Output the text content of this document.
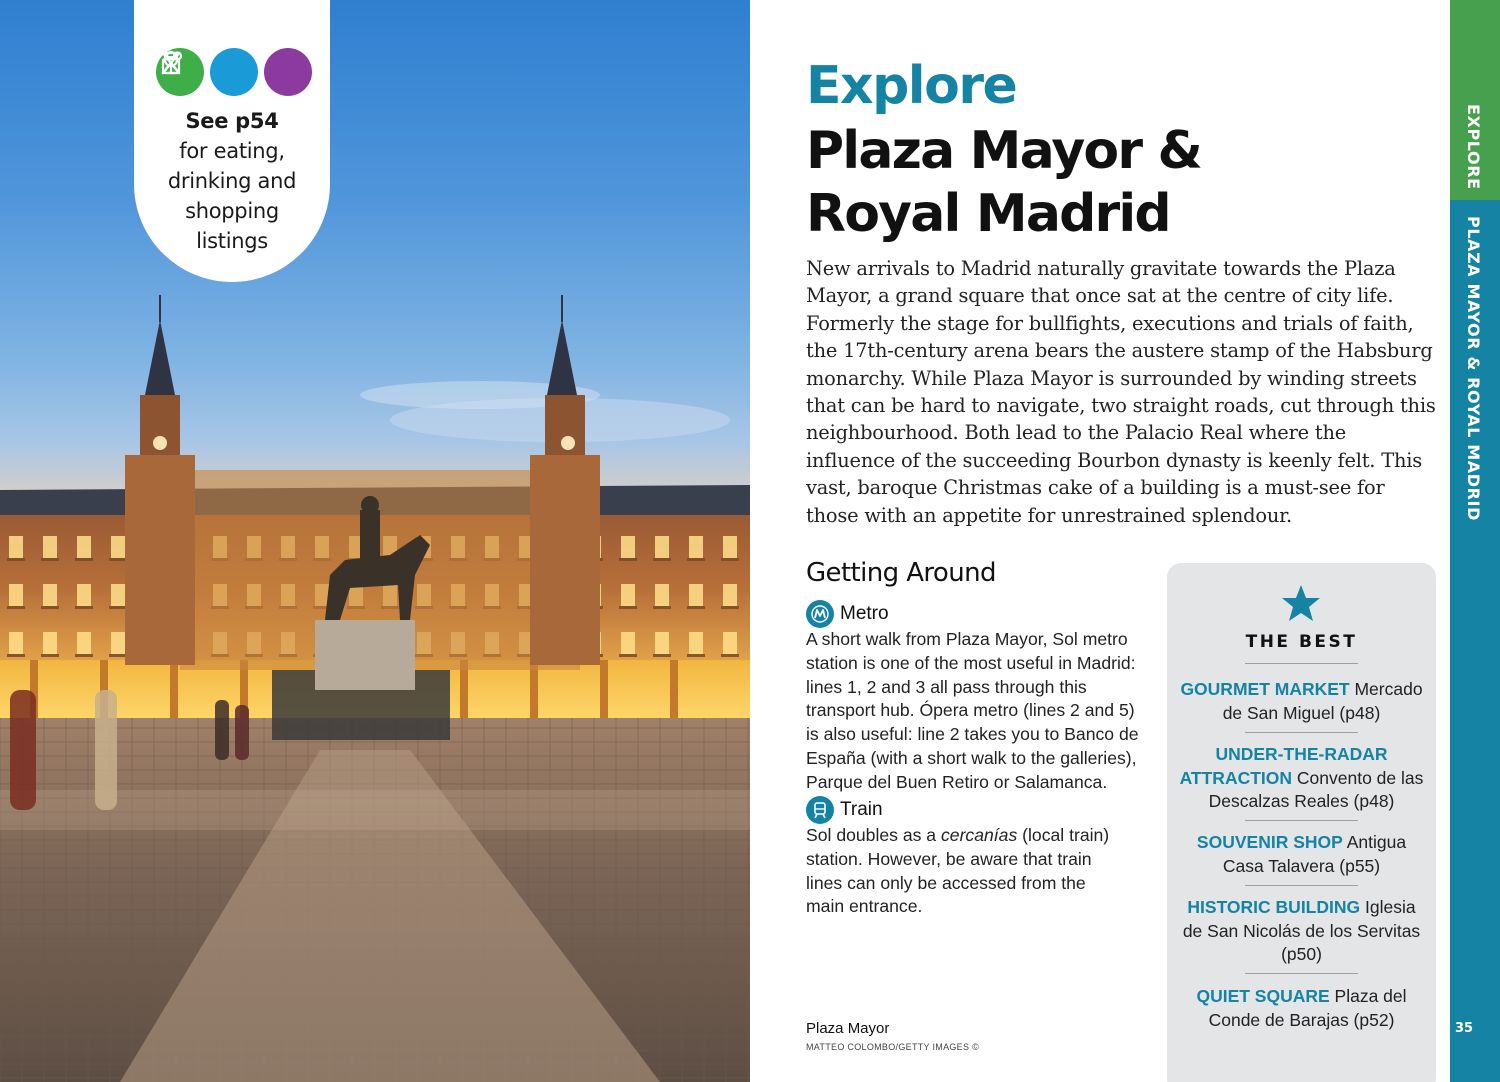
See p54
for eating,
drinking and
shopping
listings
Explore
Plaza Mayor &
Royal Madrid

New arrivals to Madrid naturally gravitate towards the Plaza Mayor, a grand square that once sat at the centre of city life. Formerly the stage for bullfights, executions and trials of faith, the 17th-century arena bears the austere stamp of the Habsburg monarchy. While Plaza Mayor is surrounded by winding streets that can be hard to navigate, two straight roads, cut through this neighbourhood. Both lead to the Palacio Real where the influence of the succeeding Bourbon dynasty is keenly felt. This vast, baroque Christmas cake of a building is a must-see for those with an appetite for unrestrained splendour.

Getting Around
Metro

A short walk from Plaza Mayor, Sol metro station is one of the most useful in Madrid: lines 1, 2 and 3 all pass through this transport hub. Ópera metro (lines 2 and 5) is also useful: line 2 takes you to Banco de España (with a short walk to the galleries), Parque del Buen Retiro or Salamanca.

Train

Sol doubles as a cercanías (local train) station. However, be aware that train lines can only be accessed from the main entrance.

Plaza Mayor
MATTEO COLOMBO/GETTY IMAGES ©
THE BEST
GOURMET MARKET Mercado de San Miguel (p48)
UNDER-THE-RADAR ATTRACTION Convento de las Descalzas Reales (p48)
SOUVENIR SHOP Antigua Casa Talavera (p55)
HISTORIC BUILDING Iglesia de San Nicolás de los Servitas (p50)
QUIET SQUARE Plaza del Conde de Barajas (p52)
EXPLORE
PLAZA MAYOR & ROYAL MADRID
35
